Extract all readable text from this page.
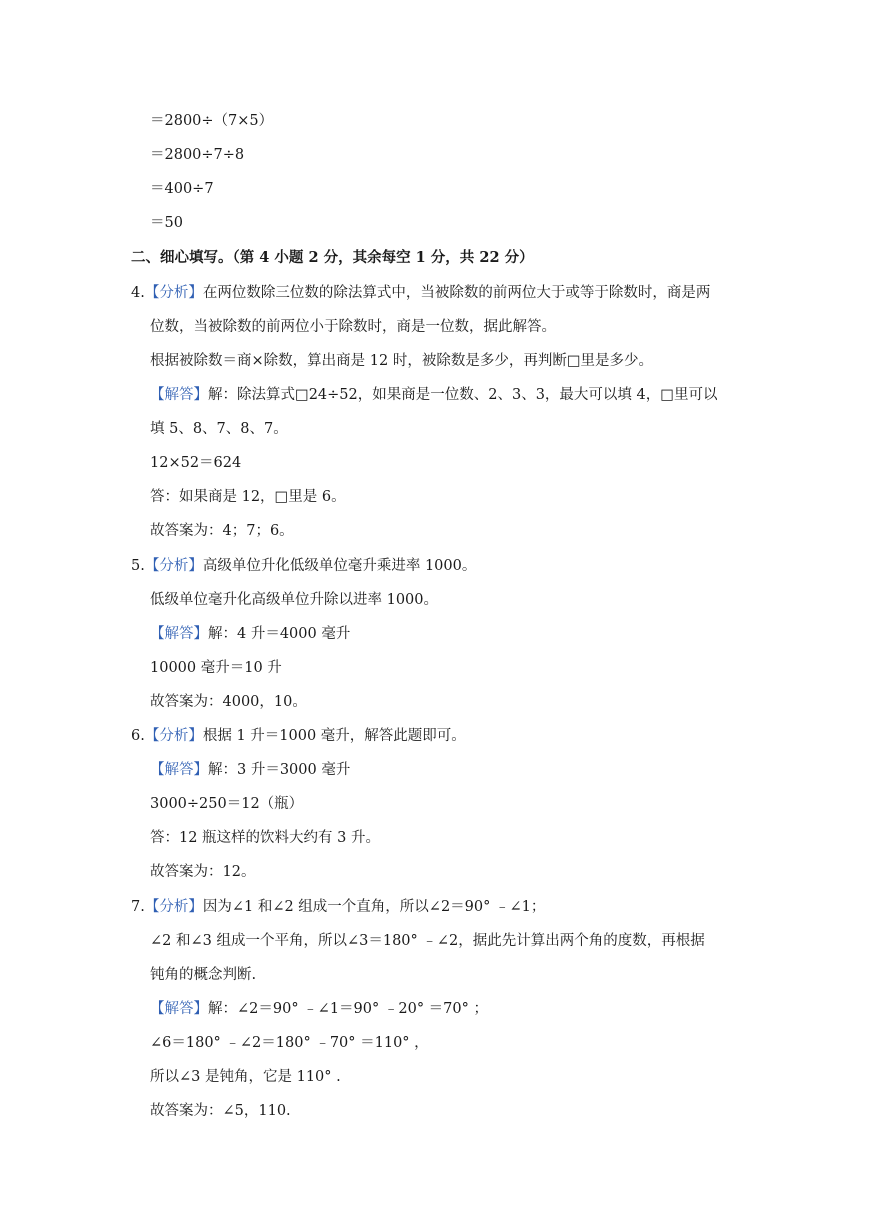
＝2800÷（7×5）
＝2800÷7÷8
＝400÷7
＝50
二、细心填写。（第 4 小题 2 分，其余每空 1 分，共 22 分）
4.【分析】在两位数除三位数的除法算式中，当被除数的前两位大于或等于除数时，商是两
位数，当被除数的前两位小于除数时，商是一位数，据此解答。
根据被除数＝商×除数，算出商是 12 时，被除数是多少，再判断□里是多少。
【解答】解：除法算式□24÷52，如果商是一位数、2、3、3，最大可以填 4，□里可以
填 5、8、7、8、7。
12×52＝624
答：如果商是 12，□里是 6。
故答案为：4；7；6。
5.【分析】高级单位升化低级单位毫升乘进率 1000。
低级单位毫升化高级单位升除以进率 1000。
【解答】解：4 升＝4000 毫升
10000 毫升＝10 升
故答案为：4000，10。
6.【分析】根据 1 升＝1000 毫升，解答此题即可。
【解答】解：3 升＝3000 毫升
3000÷250＝12（瓶）
答：12 瓶这样的饮料大约有 3 升。
故答案为：12。
7.【分析】因为∠1 和∠2 组成一个直角，所以∠2＝90° ﹣∠1；
∠2 和∠3 组成一个平角，所以∠3＝180° ﹣∠2，据此先计算出两个角的度数，再根据
钝角的概念判断.
【解答】解：∠2＝90° ﹣∠1＝90° ﹣20° ＝70° ；
∠6＝180° ﹣∠2＝180° ﹣70° ＝110° ，
所以∠3 是钝角，它是 110° .
故答案为：∠5，110.
